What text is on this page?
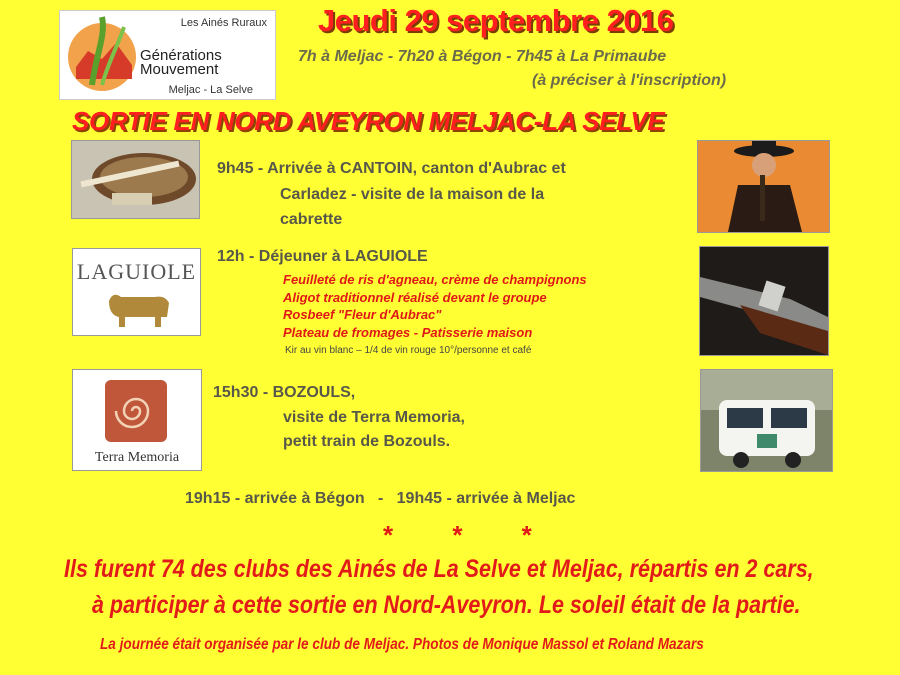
Les Ainés Ruraux
Générations
Mouvement
Meljac - La Selve
Jeudi 29 septembre 2016
7h à Meljac - 7h20 à Bégon - 7h45 à La Primaube
(à préciser à l'inscription)
SORTIE EN NORD AVEYRON MELJAC-LA SELVE
9h45 - Arrivée à CANTOIN, canton d'Aubrac et
Carladez - visite de la maison de la
cabrette
12h - Déjeuner à LAGUIOLE
LAGUIOLE	Feuilleté de ris d'agneau, crème de champignons
Aligot traditionnel réalisé devant le groupe
Rosbeef "Fleur d'Aubrac"
Plateau de fromages - Patisserie maison
Kir au vin blanc – 1/4 de vin rouge 10°/personne et café
Terra Memoria
15h30 - BOZOULS,
visite de Terra Memoria,
petit train de Bozouls.
19h15 - arrivée à Bégon   -   19h45 - arrivée à Meljac
* * *
Ils furent 74 des clubs des Ainés de La Selve et Meljac, répartis en 2 cars,
à participer à cette sortie en Nord-Aveyron. Le soleil était de la partie.
La journée était organisée par le club de Meljac. Photos de Monique Massol et Roland Mazars
